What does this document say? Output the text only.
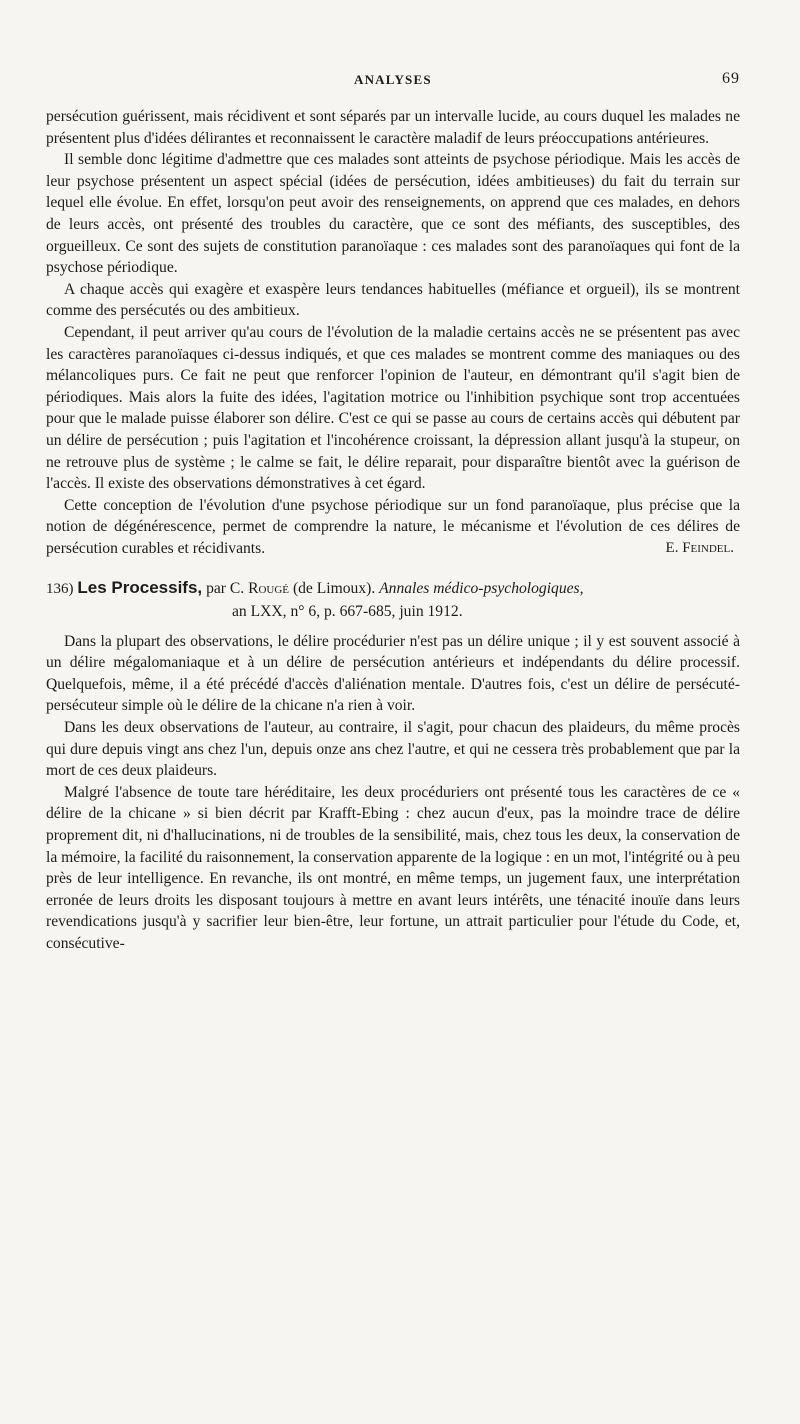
ANALYSES	69

persécution guérissent, mais récidivent et sont séparés par un intervalle lucide, au cours duquel les malades ne présentent plus d'idées délirantes et reconnaissent le caractère maladif de leurs préoccupations antérieures.

Il semble donc légitime d'admettre que ces malades sont atteints de psychose périodique. Mais les accès de leur psychose présentent un aspect spécial (idées de persécution, idées ambitieuses) du fait du terrain sur lequel elle évolue. En effet, lorsqu'on peut avoir des renseignements, on apprend que ces malades, en dehors de leurs accès, ont présenté des troubles du caractère, que ce sont des méfiants, des susceptibles, des orgueilleux. Ce sont des sujets de constitution paranoïaque : ces malades sont des paranoïaques qui font de la psychose périodique.

A chaque accès qui exagère et exaspère leurs tendances habituelles (méfiance et orgueil), ils se montrent comme des persécutés ou des ambitieux.

Cependant, il peut arriver qu'au cours de l'évolution de la maladie certains accès ne se présentent pas avec les caractères paranoïaques ci-dessus indiqués, et que ces malades se montrent comme des maniaques ou des mélancoliques purs. Ce fait ne peut que renforcer l'opinion de l'auteur, en démontrant qu'il s'agit bien de périodiques. Mais alors la fuite des idées, l'agitation motrice ou l'inhibition psychique sont trop accentuées pour que le malade puisse élaborer son délire. C'est ce qui se passe au cours de certains accès qui débutent par un délire de persécution ; puis l'agitation et l'incohérence croissant, la dépression allant jusqu'à la stupeur, on ne retrouve plus de système ; le calme se fait, le délire reparait, pour disparaître bientôt avec la guérison de l'accès. Il existe des observations démonstratives à cet égard.

Cette conception de l'évolution d'une psychose périodique sur un fond paranoïaque, plus précise que la notion de dégénérescence, permet de comprendre la nature, le mécanisme et l'évolution de ces délires de persécution curables et récidivants.	E. Feindel.
136) Les Processifs, par C. Rougé (de Limoux). Annales médico-psychologiques,
an LXX, n° 6, p. 667-685, juin 1912.

Dans la plupart des observations, le délire procédurier n'est pas un délire unique ; il y est souvent associé à un délire mégalomaniaque et à un délire de persécution antérieurs et indépendants du délire processif. Quelquefois, même, il a été précédé d'accès d'aliénation mentale. D'autres fois, c'est un délire de persécuté-persécuteur simple où le délire de la chicane n'a rien à voir.

Dans les deux observations de l'auteur, au contraire, il s'agit, pour chacun des plaideurs, du même procès qui dure depuis vingt ans chez l'un, depuis onze ans chez l'autre, et qui ne cessera très probablement que par la mort de ces deux plaideurs.

Malgré l'absence de toute tare héréditaire, les deux procéduriers ont présenté tous les caractères de ce « délire de la chicane » si bien décrit par Krafft-Ebing : chez aucun d'eux, pas la moindre trace de délire proprement dit, ni d'hallucinations, ni de troubles de la sensibilité, mais, chez tous les deux, la conservation de la mémoire, la facilité du raisonnement, la conservation apparente de la logique : en un mot, l'intégrité ou à peu près de leur intelligence. En revanche, ils ont montré, en même temps, un jugement faux, une interprétation erronée de leurs droits les disposant toujours à mettre en avant leurs intérêts, une ténacité inouïe dans leurs revendications jusqu'à y sacrifier leur bien-être, leur fortune, un attrait particulier pour l'étude du Code, et, consécutive-
